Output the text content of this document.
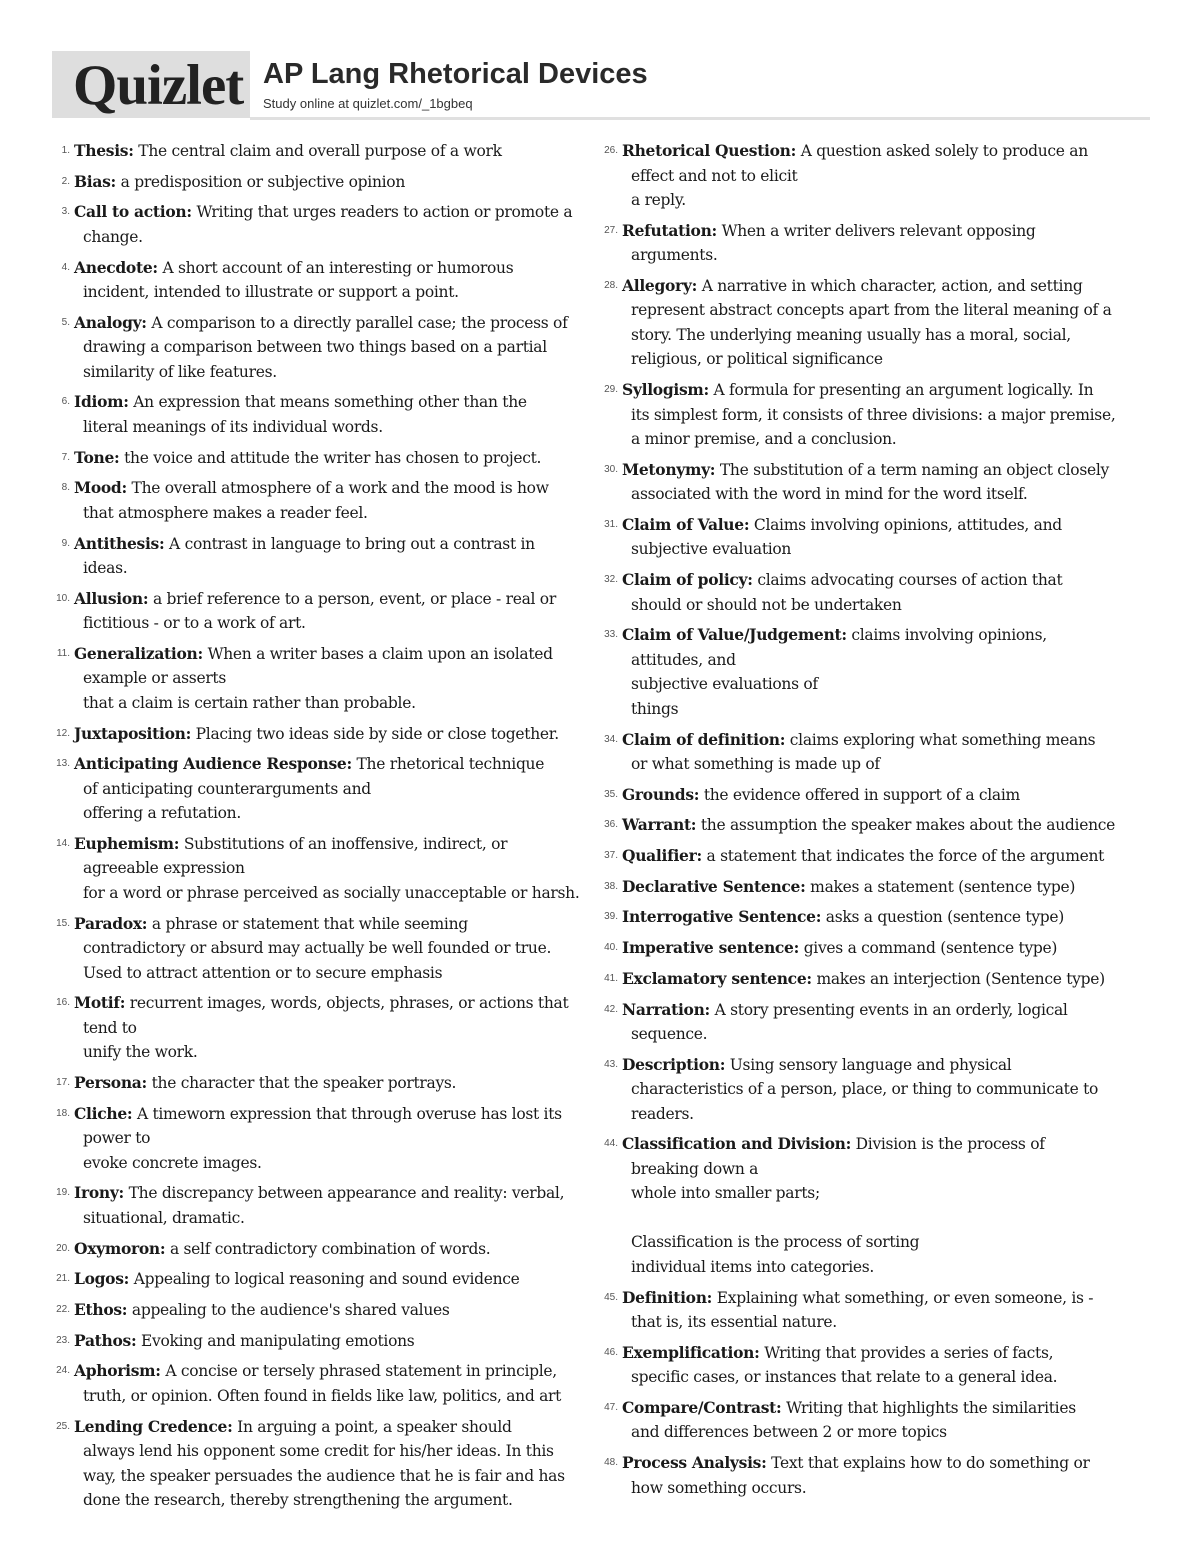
Quizlet AP Lang Rhetorical Devices
Study online at quizlet.com/_1bgbeq
1. Thesis: The central claim and overall purpose of a work
2. Bias: a predisposition or subjective opinion
3. Call to action: Writing that urges readers to action or promote a
change.
4. Anecdote: A short account of an interesting or humorous
incident, intended to illustrate or support a point.
5. Analogy: A comparison to a directly parallel case; the process of
drawing a comparison between two things based on a partial
similarity of like features.
6. Idiom: An expression that means something other than the
literal meanings of its individual words.
7. Tone: the voice and attitude the writer has chosen to project.
8. Mood: The overall atmosphere of a work and the mood is how
that atmosphere makes a reader feel.
9. Antithesis: A contrast in language to bring out a contrast in
ideas.
10. Allusion: a brief reference to a person, event, or place - real or
fictitious - or to a work of art.
11. Generalization: When a writer bases a claim upon an isolated
example or asserts
that a claim is certain rather than probable.
12. Juxtaposition: Placing two ideas side by side or close together.
13. Anticipating Audience Response: The rhetorical technique
of anticipating counterarguments and
offering a refutation.
14. Euphemism: Substitutions of an inoffensive, indirect, or
agreeable expression
for a word or phrase perceived as socially unacceptable or harsh.
15. Paradox: a phrase or statement that while seeming
contradictory or absurd may actually be well founded or true.
Used to attract attention or to secure emphasis
16. Motif: recurrent images, words, objects, phrases, or actions that
tend to
unify the work.
17. Persona: the character that the speaker portrays.
18. Cliche: A timeworn expression that through overuse has lost its
power to
evoke concrete images.
19. Irony: The discrepancy between appearance and reality: verbal,
situational, dramatic.
20. Oxymoron: a self contradictory combination of words.
21. Logos: Appealing to logical reasoning and sound evidence
22. Ethos: appealing to the audience's shared values
23. Pathos: Evoking and manipulating emotions
24. Aphorism: A concise or tersely phrased statement in principle,
truth, or opinion. Often found in fields like law, politics, and art
25. Lending Credence: In arguing a point, a speaker should
always lend his opponent some credit for his/her ideas. In this
way, the speaker persuades the audience that he is fair and has
done the research, thereby strengthening the argument.
26. Rhetorical Question: A question asked solely to produce an
effect and not to elicit
a reply.
27. Refutation: When a writer delivers relevant opposing
arguments.
28. Allegory: A narrative in which character, action, and setting
represent abstract concepts apart from the literal meaning of a
story. The underlying meaning usually has a moral, social,
religious, or political significance
29. Syllogism: A formula for presenting an argument logically. In
its simplest form, it consists of three divisions: a major premise,
a minor premise, and a conclusion.
30. Metonymy: The substitution of a term naming an object closely
associated with the word in mind for the word itself.
31. Claim of Value: Claims involving opinions, attitudes, and
subjective evaluation
32. Claim of policy: claims advocating courses of action that
should or should not be undertaken
33. Claim of Value/Judgement: claims involving opinions,
attitudes, and
subjective evaluations of
things
34. Claim of definition: claims exploring what something means
or what something is made up of
35. Grounds: the evidence offered in support of a claim
36. Warrant: the assumption the speaker makes about the audience
37. Qualifier: a statement that indicates the force of the argument
38. Declarative Sentence: makes a statement (sentence type)
39. Interrogative Sentence: asks a question (sentence type)
40. Imperative sentence: gives a command (sentence type)
41. Exclamatory sentence: makes an interjection (Sentence type)
42. Narration: A story presenting events in an orderly, logical
sequence.
43. Description: Using sensory language and physical
characteristics of a person, place, or thing to communicate to
readers.
44. Classification and Division: Division is the process of
breaking down a
whole into smaller parts;
Classification is the process of sorting
individual items into categories.
45. Definition: Explaining what something, or even someone, is -
that is, its essential nature.
46. Exemplification: Writing that provides a series of facts,
specific cases, or instances that relate to a general idea.
47. Compare/Contrast: Writing that highlights the similarities
and differences between 2 or more topics
48. Process Analysis: Text that explains how to do something or
how something occurs.
